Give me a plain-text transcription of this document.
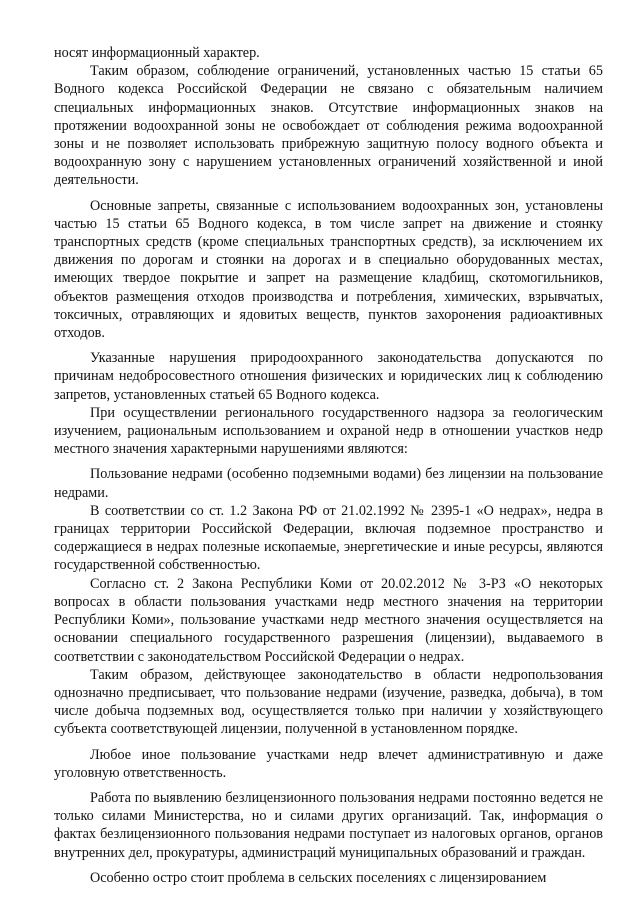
носят информационный характер.

Таким образом, соблюдение ограничений, установленных частью 15 статьи 65 Водного кодекса Российской Федерации не связано с обязательным наличием специальных информационных знаков. Отсутствие информационных знаков на протяжении водоохранной зоны не освобождает от соблюдения режима водоохранной зоны и не позволяет использовать прибрежную защитную полосу водного объекта и водоохранную зону с нарушением установленных ограничений хозяйственной и иной деятельности.

Основные запреты, связанные с использованием водоохранных зон, установлены частью 15 статьи 65 Водного кодекса, в том числе запрет на движение и стоянку транспортных средств (кроме специальных транспортных средств), за исключением их движения по дорогам и стоянки на дорогах и в специально оборудованных местах, имеющих твердое покрытие и запрет на размещение кладбищ, скотомогильников, объектов размещения отходов производства и потребления, химических, взрывчатых, токсичных, отравляющих и ядовитых веществ, пунктов захоронения радиоактивных отходов.

Указанные нарушения природоохранного законодательства допускаются по причинам недобросовестного отношения физических и юридических лиц к соблюдению запретов, установленных статьей 65 Водного кодекса.

При осуществлении регионального государственного надзора за геологическим изучением, рациональным использованием и охраной недр в отношении участков недр местного значения характерными нарушениями являются:

Пользование недрами (особенно подземными водами) без лицензии на пользование недрами.

В соответствии со ст. 1.2 Закона РФ от 21.02.1992 № 2395-1 «О недрах», недра в границах территории Российской Федерации, включая подземное пространство и содержащиеся в недрах полезные ископаемые, энергетические и иные ресурсы, являются государственной собственностью.

Согласно ст. 2 Закона Республики Коми от 20.02.2012 № 3-РЗ «О некоторых вопросах в области пользования участками недр местного значения на территории Республики Коми», пользование участками недр местного значения осуществляется на основании специального государственного разрешения (лицензии), выдаваемого в соответствии с законодательством Российской Федерации о недрах.

Таким образом, действующее законодательство в области недропользования однозначно предписывает, что пользование недрами (изучение, разведка, добыча), в том числе добыча подземных вод, осуществляется только при наличии у хозяйствующего субъекта соответствующей лицензии, полученной в установленном порядке.

Любое иное пользование участками недр влечет административную и даже уголовную ответственность.

Работа по выявлению безлицензионного пользования недрами постоянно ведется не только силами Министерства, но и силами других организаций. Так, информация о фактах безлицензионного пользования недрами поступает из налоговых органов, органов внутренних дел, прокуратуры, администраций муниципальных образований и граждан.

Особенно остро стоит проблема в сельских поселениях с лицензированием
